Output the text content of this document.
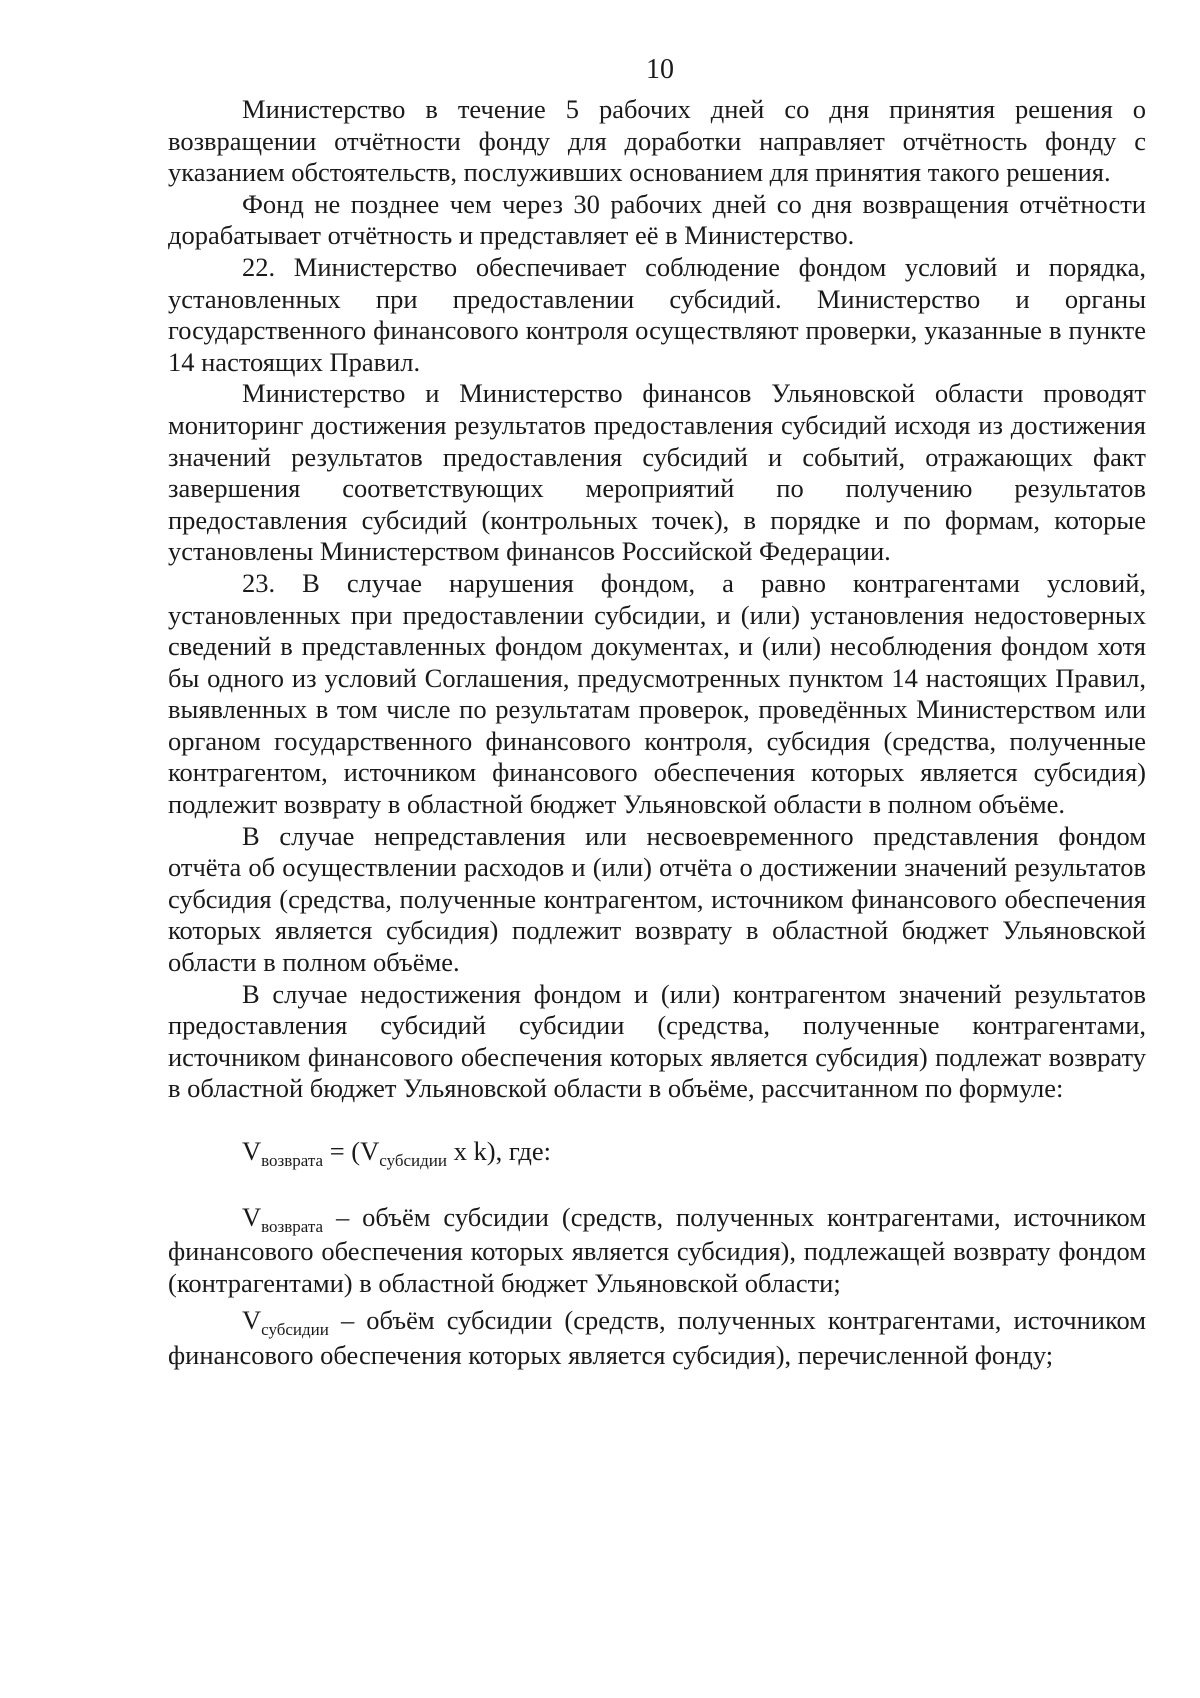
10

Министерство в течение 5 рабочих дней со дня принятия решения о возвращении отчётности фонду для доработки направляет отчётность фонду с указанием обстоятельств, послуживших основанием для принятия такого решения.

Фонд не позднее чем через 30 рабочих дней со дня возвращения отчётности дорабатывает отчётность и представляет её в Министерство.

22. Министерство обеспечивает соблюдение фондом условий и порядка, установленных при предоставлении субсидий. Министерство и органы государственного финансового контроля осуществляют проверки, указанные в пункте 14 настоящих Правил.

Министерство и Министерство финансов Ульяновской области проводят мониторинг достижения результатов предоставления субсидий исходя из достижения значений результатов предоставления субсидий и событий, отражающих факт завершения соответствующих мероприятий по получению результатов предоставления субсидий (контрольных точек), в порядке и по формам, которые установлены Министерством финансов Российской Федерации.

23. В случае нарушения фондом, а равно контрагентами условий, установленных при предоставлении субсидии, и (или) установления недостоверных сведений в представленных фондом документах, и (или) несоблюдения фондом хотя бы одного из условий Соглашения, предусмотренных пунктом 14 настоящих Правил, выявленных в том числе по результатам проверок, проведённых Министерством или органом государственного финансового контроля, субсидия (средства, полученные контрагентом, источником финансового обеспечения которых является субсидия) подлежит возврату в областной бюджет Ульяновской области в полном объёме.

В случае непредставления или несвоевременного представления фондом отчёта об осуществлении расходов и (или) отчёта о достижении значений результатов субсидия (средства, полученные контрагентом, источником финансового обеспечения которых является субсидия) подлежит возврату в областной бюджет Ульяновской области в полном объёме.

В случае недостижения фондом и (или) контрагентом значений результатов предоставления субсидий субсидии (средства, полученные контрагентами, источником финансового обеспечения которых является субсидия) подлежат возврату в областной бюджет Ульяновской области в объёме, рассчитанном по формуле:

$V_{возврата} = (V_{субсидии}$ x k), где:

$V_{возврата}$ – объём субсидии (средств, полученных контрагентами, источником финансового обеспечения которых является субсидия), подлежащей возврату фондом (контрагентами) в областной бюджет Ульяновской области;

$V_{субсидии}$ – объём субсидии (средств, полученных контрагентами, источником финансового обеспечения которых является субсидия), перечисленной фонду;
